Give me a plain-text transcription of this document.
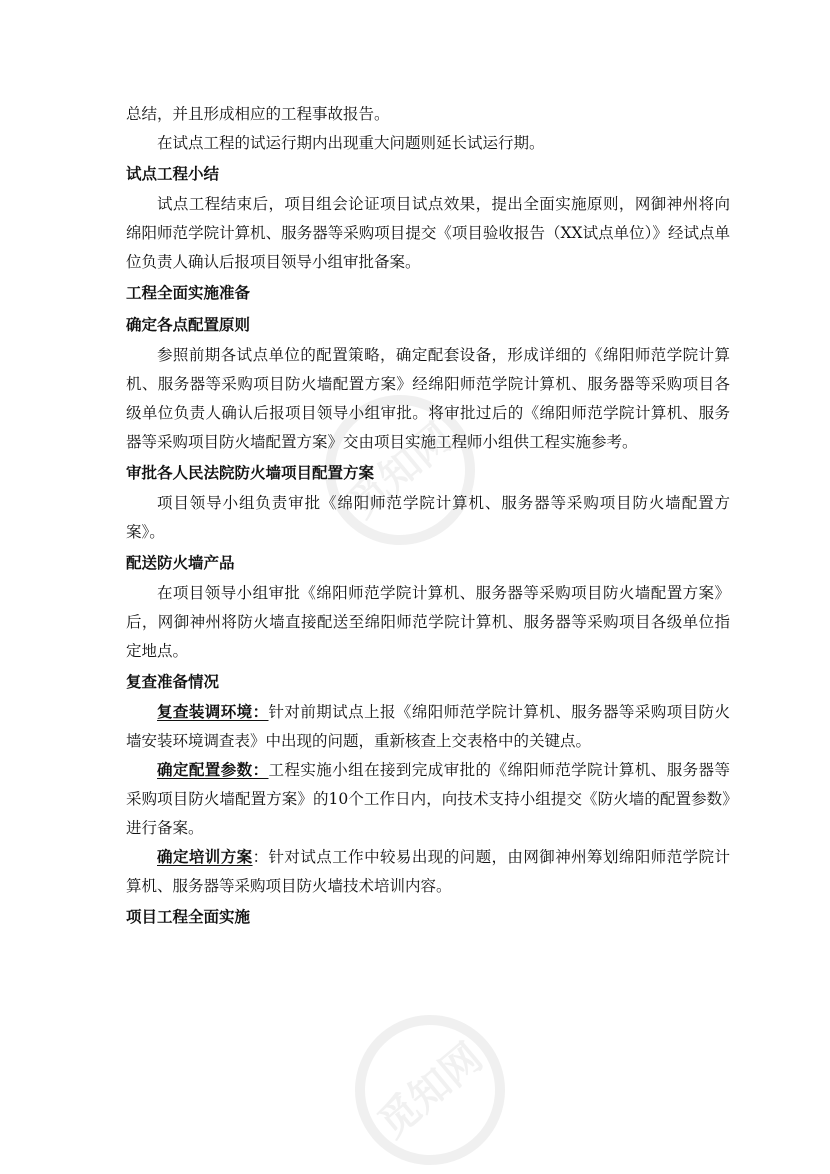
觅知网
觅知网

总结，并且形成相应的工程事故报告。

在试点工程的试运行期内出现重大问题则延长试运行期。

试点工程小结

试点工程结束后，项目组会论证项目试点效果，提出全面实施原则，网御神州将向绵阳师范学院计算机、服务器等采购项目提交《项目验收报告（XX试点单位）》经试点单位负责人确认后报项目领导小组审批备案。

工程全面实施准备

确定各点配置原则

参照前期各试点单位的配置策略，确定配套设备，形成详细的《绵阳师范学院计算机、服务器等采购项目防火墙配置方案》经绵阳师范学院计算机、服务器等采购项目各级单位负责人确认后报项目领导小组审批。将审批过后的《绵阳师范学院计算机、服务器等采购项目防火墙配置方案》交由项目实施工程师小组供工程实施参考。

审批各人民法院防火墙项目配置方案

项目领导小组负责审批《绵阳师范学院计算机、服务器等采购项目防火墙配置方案》。

配送防火墙产品

在项目领导小组审批《绵阳师范学院计算机、服务器等采购项目防火墙配置方案》后，网御神州将防火墙直接配送至绵阳师范学院计算机、服务器等采购项目各级单位指定地点。

复查准备情况

复查装调环境：针对前期试点上报《绵阳师范学院计算机、服务器等采购项目防火墙安装环境调查表》中出现的问题，重新核查上交表格中的关键点。

确定配置参数：工程实施小组在接到完成审批的《绵阳师范学院计算机、服务器等采购项目防火墙配置方案》的10个工作日内，向技术支持小组提交《防火墙的配置参数》进行备案。

确定培训方案：针对试点工作中较易出现的问题，由网御神州筹划绵阳师范学院计算机、服务器等采购项目防火墙技术培训内容。

项目工程全面实施
